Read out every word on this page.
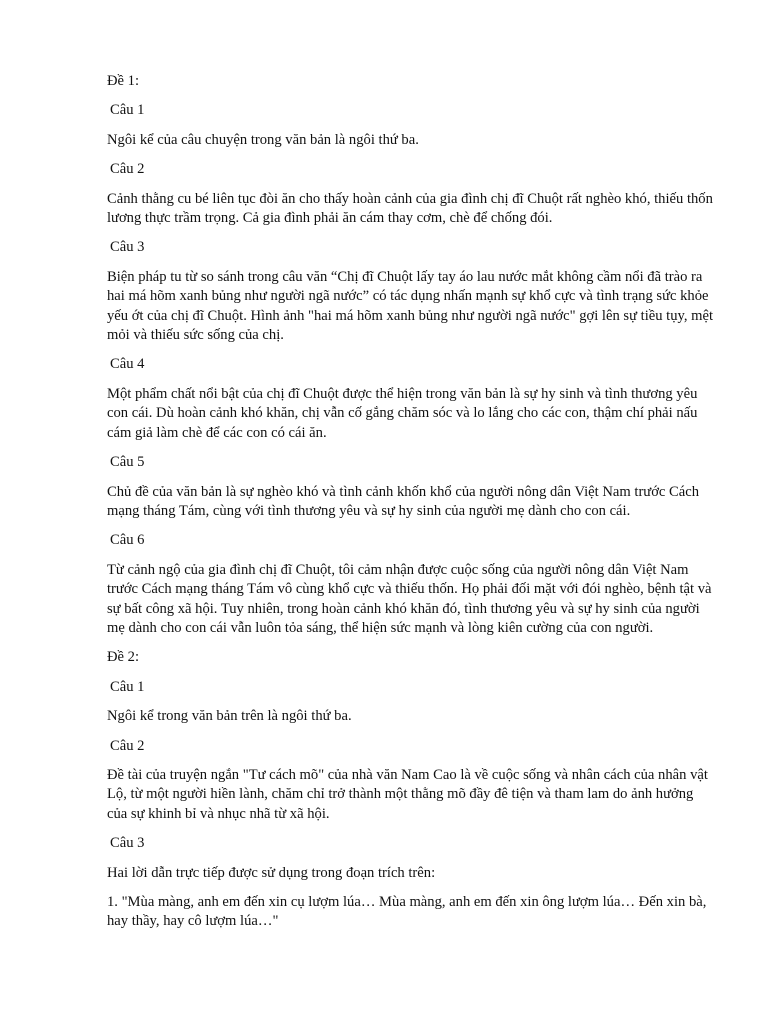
Đề 1:

Câu 1

Ngôi kể của câu chuyện trong văn bản là ngôi thứ ba.

Câu 2

Cảnh thằng cu bé liên tục đòi ăn cho thấy hoàn cảnh của gia đình chị đĩ Chuột rất nghèo khó, thiếu thốn lương thực trầm trọng. Cả gia đình phải ăn cám thay cơm, chè để chống đói.

Câu 3

Biện pháp tu từ so sánh trong câu văn “Chị đĩ Chuột lấy tay áo lau nước mắt không cầm nổi đã trào ra hai má hõm xanh bủng như người ngã nước” có tác dụng nhấn mạnh sự khổ cực và tình trạng sức khỏe yếu ớt của chị đĩ Chuột. Hình ảnh "hai má hõm xanh bủng như người ngã nước" gợi lên sự tiều tụy, mệt mỏi và thiếu sức sống của chị.

Câu 4

Một phẩm chất nổi bật của chị đĩ Chuột được thể hiện trong văn bản là sự hy sinh và tình thương yêu con cái. Dù hoàn cảnh khó khăn, chị vẫn cố gắng chăm sóc và lo lắng cho các con, thậm chí phải nấu cám giả làm chè để các con có cái ăn.

Câu 5

Chủ đề của văn bản là sự nghèo khó và tình cảnh khốn khổ của người nông dân Việt Nam trước Cách mạng tháng Tám, cùng với tình thương yêu và sự hy sinh của người mẹ dành cho con cái.

Câu 6

Từ cảnh ngộ của gia đình chị đĩ Chuột, tôi cảm nhận được cuộc sống của người nông dân Việt Nam trước Cách mạng tháng Tám vô cùng khổ cực và thiếu thốn. Họ phải đối mặt với đói nghèo, bệnh tật và sự bất công xã hội. Tuy nhiên, trong hoàn cảnh khó khăn đó, tình thương yêu và sự hy sinh của người mẹ dành cho con cái vẫn luôn tỏa sáng, thể hiện sức mạnh và lòng kiên cường của con người.

Đề 2:

Câu 1

Ngôi kể trong văn bản trên là ngôi thứ ba.

Câu 2

Đề tài của truyện ngắn "Tư cách mõ" của nhà văn Nam Cao là về cuộc sống và nhân cách của nhân vật Lộ, từ một người hiền lành, chăm chỉ trở thành một thằng mõ đầy đê tiện và tham lam do ảnh hưởng của sự khinh bỉ và nhục nhã từ xã hội.

Câu 3

Hai lời dẫn trực tiếp được sử dụng trong đoạn trích trên:

1. "Mùa màng, anh em đến xin cụ lượm lúa… Mùa màng, anh em đến xin ông lượm lúa… Đến xin bà, hay thầy, hay cô lượm lúa…"
